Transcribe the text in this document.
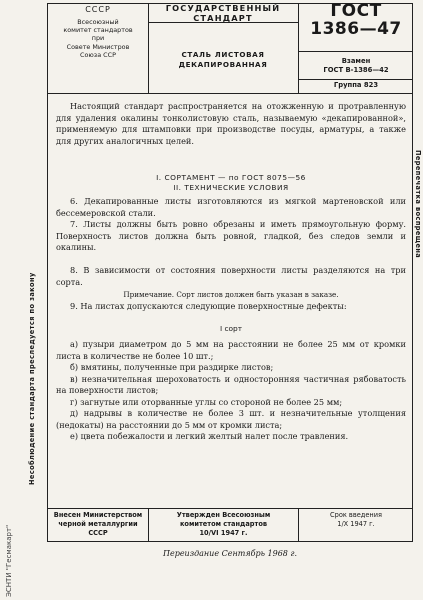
СССР
Всесоюзный
комитет стандартов
при
Совете Министров
Союза ССР
ГОСУДАРСТВЕННЫЙ
СТАНДАРТ
СТАЛЬ ЛИСТОВАЯ
ДЕКАПИРОВАННАЯ
ГОСТ
1386—47
Взамен
ГОСТ В-1386—42
Группа 823
Настоящий стандарт распространяется на отожженную и протравленную для удаления окалины тонколистовую сталь, называемую «декапированной», применяемую для штамповки при производстве посуды, арматуры, а также для других аналогичных целей.
I. СОРТАМЕНТ — по ГОСТ 8075—56
II. ТЕХНИЧЕСКИЕ УСЛОВИЯ
6. Декапированные листы изготовляются из мягкой мартеновской или бессемеровской стали.
7. Листы должны быть ровно обрезаны и иметь прямоугольную форму. Поверхность листов должна быть ровной, гладкой, без следов земли и окалины.
8. В зависимости от состояния поверхности листы разделяются на три сорта.
Примечание. Сорт листов должен быть указан в заказе.
9. На листах допускаются следующие поверхностные дефекты:
I сорт

а) пузыри диаметром до 5 мм на расстоянии не более 25 мм от кромки листа в количестве не более 10 шт.;

б) вмятины, полученные при раздирке листов;

в) незначительная шероховатость и односторонняя частичная рябоватость на поверхности листов;

г) загнутые или оторванные углы со стороной не более 25 мм;

д) надрывы в количестве не более 3 шт. и незначительные утолщения (недокаты) на расстоянии до 5 мм от кромки листа;

е) цвета побежалости и легкий желтый налет после травления.

Внесен Министерством
черной металлургии
СССР
Утвержден Всесоюзным
комитетом стандартов
10/VI 1947 г.
Срок введения
1/X 1947 г.
Переиздание Сентябрь 1968 г.
Несоблюдение стандарта преследуется по закону
Перепечатка воспрещена
ЭСНТИ "Гесмакарт"
